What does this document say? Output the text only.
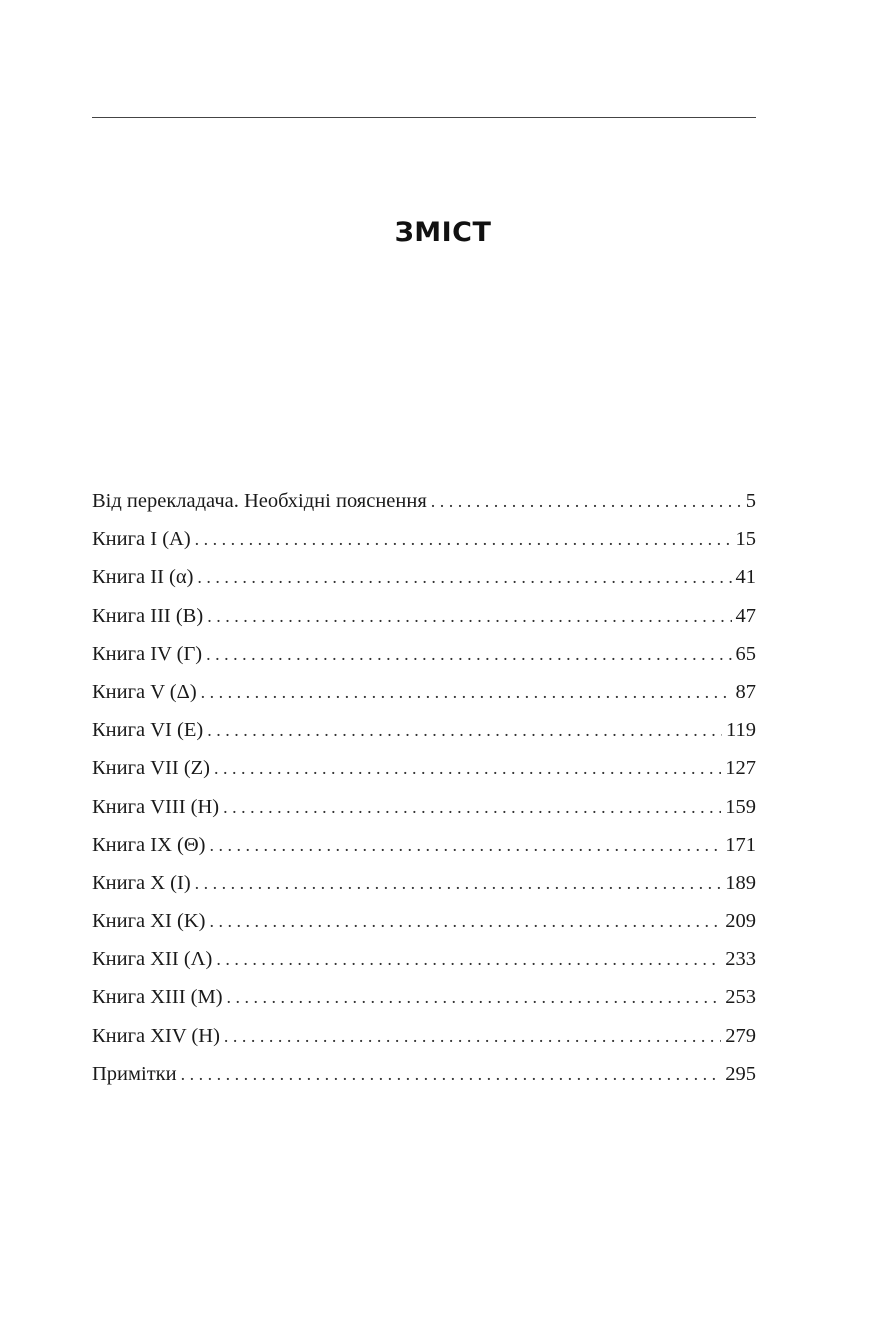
ЗМІСТ
Від перекладача. Необхідні пояснення . . .	5
Книга I (A) . . .	15
Книга II (α) . . .	41
Книга III (B) . . .	47
Книга IV (Γ) . . .	65
Книга V (Δ) . . .	87
Книга VI (E) . . .	119
Книга VII (Z) . . .	127
Книга VIII (H) . . .	159
Книга IX (Θ) . . .	171
Книга X (I) . . .	189
Книга XI (K) . . .	209
Книга XII (Λ) . . .	233
Книга XIII (M) . . .	253
Книга XIV (H) . . .	279
Примітки . . .	295
